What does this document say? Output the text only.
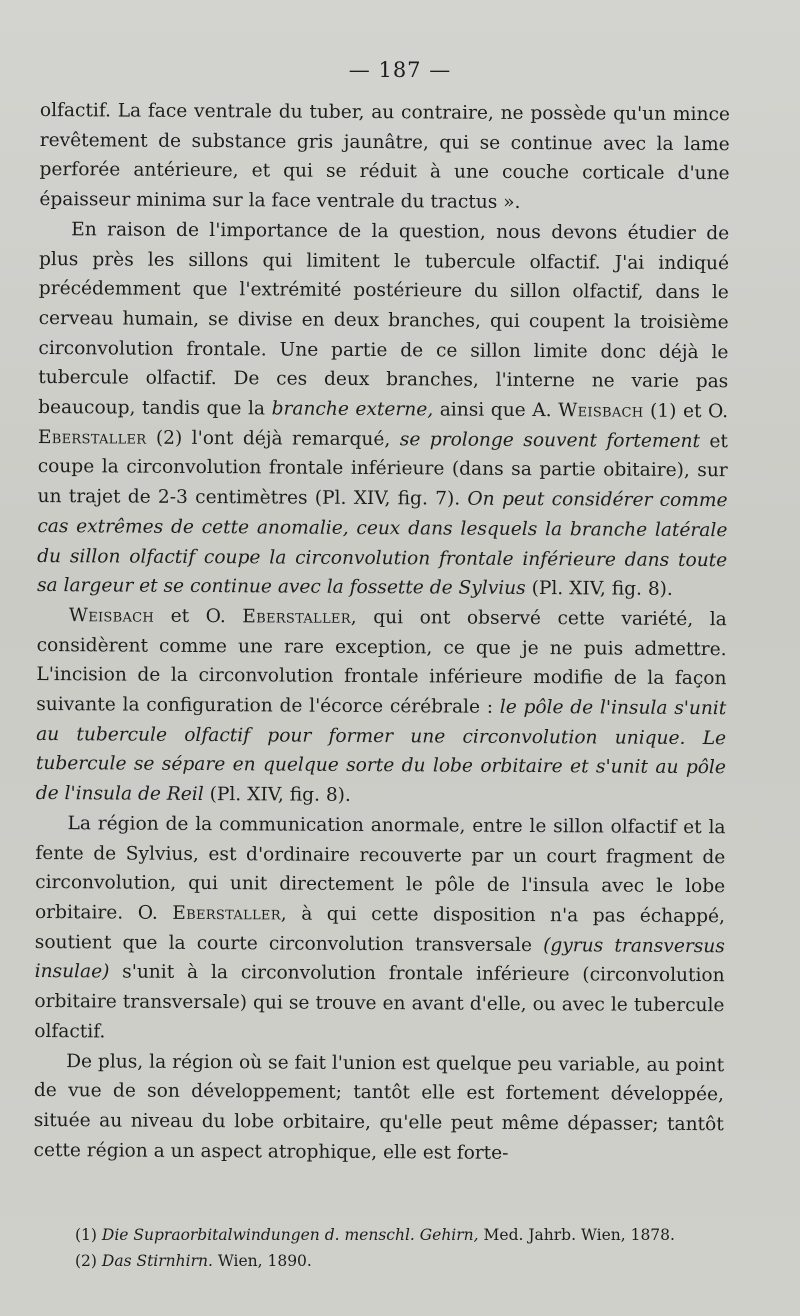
— 187 —

olfactif. La face ventrale du tuber, au contraire, ne possède qu'un mince revêtement de substance gris jaunâtre, qui se continue avec la lame perforée antérieure, et qui se réduit à une couche corticale d'une épaisseur minima sur la face ventrale du tractus ».

En raison de l'importance de la question, nous devons étudier de plus près les sillons qui limitent le tubercule olfactif. J'ai indiqué précédemment que l'extrémité postérieure du sillon olfactif, dans le cerveau humain, se divise en deux branches, qui coupent la troisième circonvolution frontale. Une partie de ce sillon limite donc déjà le tubercule olfactif. De ces deux branches, l'interne ne varie pas beaucoup, tandis que la branche externe, ainsi que A. Weisbach (1) et O. Eberstaller (2) l'ont déjà remarqué, se prolonge souvent fortement et coupe la circonvolution frontale inférieure (dans sa partie obitaire), sur un trajet de 2-3 centimètres (Pl. XIV, fig. 7). On peut considérer comme cas extrêmes de cette anomalie, ceux dans lesquels la branche latérale du sillon olfactif coupe la circonvolution frontale inférieure dans toute sa largeur et se continue avec la fossette de Sylvius (Pl. XIV, fig. 8).

Weisbach et O. Eberstaller, qui ont observé cette variété, la considèrent comme une rare exception, ce que je ne puis admettre. L'incision de la circonvolution frontale inférieure modifie de la façon suivante la configuration de l'écorce cérébrale : le pôle de l'insula s'unit au tubercule olfactif pour former une circonvolution unique. Le tubercule se sépare en quelque sorte du lobe orbitaire et s'unit au pôle de l'insula de Reil (Pl. XIV, fig. 8).

La région de la communication anormale, entre le sillon olfactif et la fente de Sylvius, est d'ordinaire recouverte par un court fragment de circonvolution, qui unit directement le pôle de l'insula avec le lobe orbitaire. O. Eberstaller, à qui cette disposition n'a pas échappé, soutient que la courte circonvolution transversale (gyrus transversus insulae) s'unit à la circonvolution frontale inférieure (circonvolution orbitaire transversale) qui se trouve en avant d'elle, ou avec le tubercule olfactif.

De plus, la région où se fait l'union est quelque peu variable, au point de vue de son développement; tantôt elle est fortement développée, située au niveau du lobe orbitaire, qu'elle peut même dépasser; tantôt cette région a un aspect atrophique, elle est forte-

(1) Die Supraorbitalwindungen d. menschl. Gehirn, Med. Jahrb. Wien, 1878.
(2) Das Stirnhirn. Wien, 1890.
